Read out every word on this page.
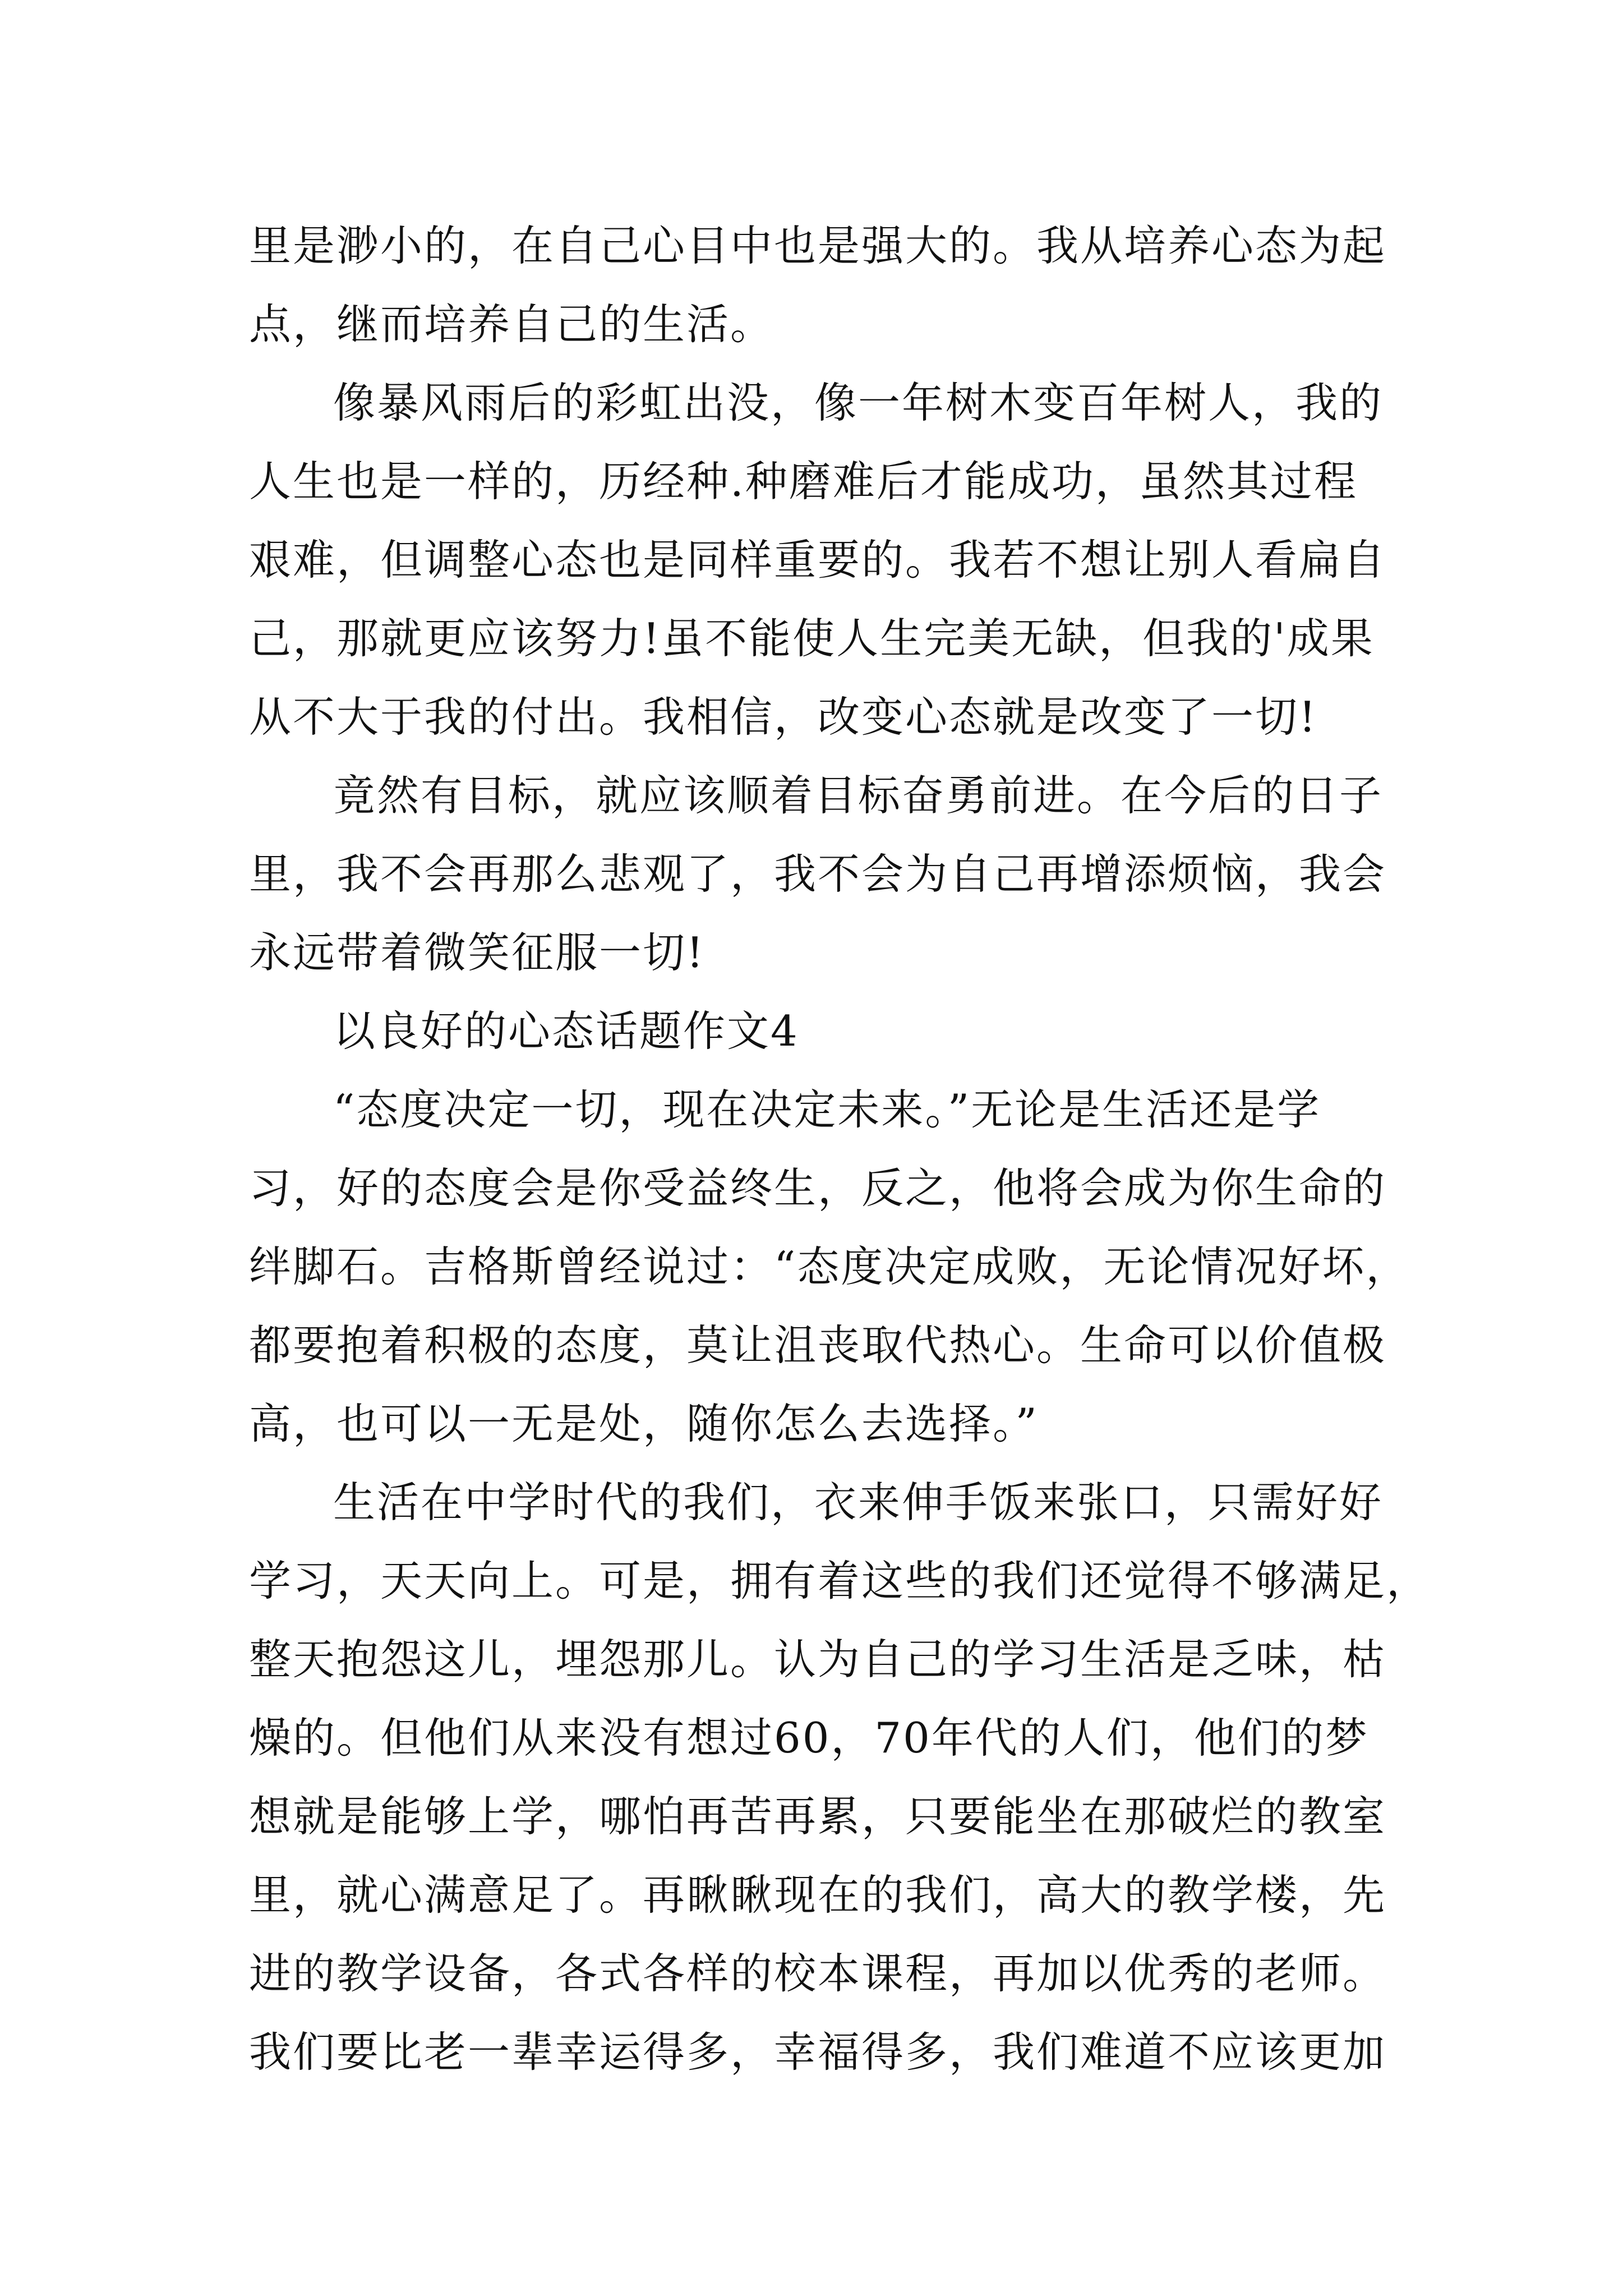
里是渺小的，在自己心目中也是强大的。我从培养心态为起
点，继而培养自己的生活。
像暴风雨后的彩虹出没，像一年树木变百年树人，我的
人生也是一样的，历经种.种磨难后才能成功，虽然其过程
艰难，但调整心态也是同样重要的。我若不想让别人看扁自
己，那就更应该努力!虽不能使人生完美无缺，但我的'成果
从不大于我的付出。我相信，改变心态就是改变了一切!
竟然有目标，就应该顺着目标奋勇前进。在今后的日子
里，我不会再那么悲观了，我不会为自己再增添烦恼，我会
永远带着微笑征服一切!
以良好的心态话题作文4
“态度决定一切，现在决定未来。”无论是生活还是学
习，好的态度会是你受益终生，反之，他将会成为你生命的
绊脚石。吉格斯曾经说过：“态度决定成败，无论情况好坏，
都要抱着积极的态度，莫让沮丧取代热心。生命可以价值极
高，也可以一无是处，随你怎么去选择。”
生活在中学时代的我们，衣来伸手饭来张口，只需好好
学习，天天向上。可是，拥有着这些的我们还觉得不够满足，
整天抱怨这儿，埋怨那儿。认为自己的学习生活是乏味，枯
燥的。但他们从来没有想过60，70年代的人们，他们的梦
想就是能够上学，哪怕再苦再累，只要能坐在那破烂的教室
里，就心满意足了。再瞅瞅现在的我们，高大的教学楼，先
进的教学设备，各式各样的校本课程，再加以优秀的老师。
我们要比老一辈幸运得多，幸福得多，我们难道不应该更加
